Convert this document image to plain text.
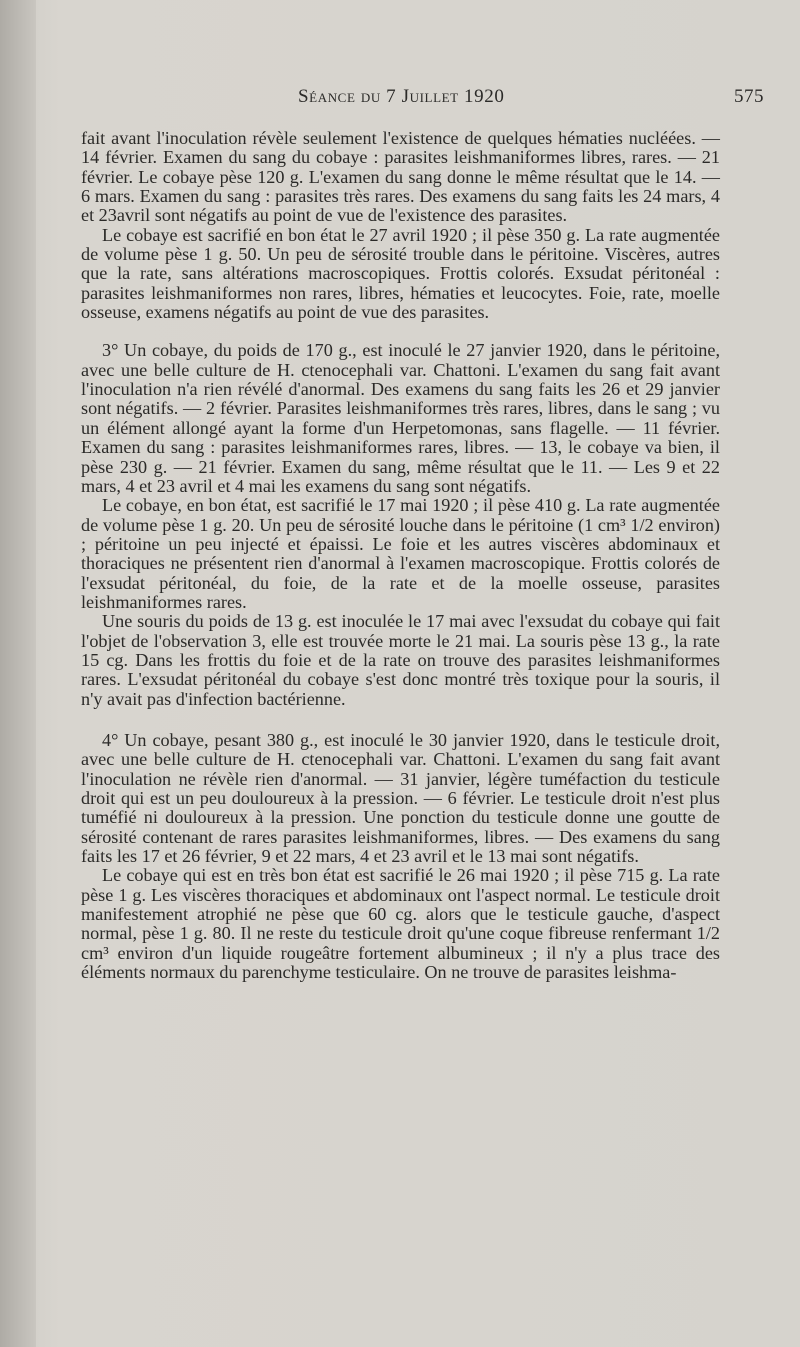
Séance du 7 Juillet 1920	575

fait avant l'inoculation révèle seulement l'existence de quelques hématies nucléées. — 14 février. Examen du sang du cobaye : parasites leishmaniformes libres, rares. — 21 février. Le cobaye pèse 120 g. L'examen du sang donne le même résultat que le 14. — 6 mars. Examen du sang : parasites très rares. Des examens du sang faits les 24 mars, 4 et 23avril sont négatifs au point de vue de l'existence des parasites.

Le cobaye est sacrifié en bon état le 27 avril 1920 ; il pèse 350 g. La rate augmentée de volume pèse 1 g. 50. Un peu de sérosité trouble dans le péritoine. Viscères, autres que la rate, sans altérations macroscopiques. Frottis colorés. Exsudat péritonéal : parasites leishmaniformes non rares, libres, hématies et leucocytes. Foie, rate, moelle osseuse, examens négatifs au point de vue des parasites.

3° Un cobaye, du poids de 170 g., est inoculé le 27 janvier 1920, dans le péritoine, avec une belle culture de H. ctenocephali var. Chattoni. L'examen du sang fait avant l'inoculation n'a rien révélé d'anormal. Des examens du sang faits les 26 et 29 janvier sont négatifs. — 2 février. Parasites leishmaniformes très rares, libres, dans le sang ; vu un élément allongé ayant la forme d'un Herpetomonas, sans flagelle. — 11 février. Examen du sang : parasites leishmaniformes rares, libres. — 13, le cobaye va bien, il pèse 230 g. — 21 février. Examen du sang, même résultat que le 11. — Les 9 et 22 mars, 4 et 23 avril et 4 mai les examens du sang sont négatifs.

Le cobaye, en bon état, est sacrifié le 17 mai 1920 ; il pèse 410 g. La rate augmentée de volume pèse 1 g. 20. Un peu de sérosité louche dans le péritoine (1 cm³ 1/2 environ) ; péritoine un peu injecté et épaissi. Le foie et les autres viscères abdominaux et thoraciques ne présentent rien d'anormal à l'examen macroscopique. Frottis colorés de l'exsudat péritonéal, du foie, de la rate et de la moelle osseuse, parasites leishmaniformes rares.

Une souris du poids de 13 g. est inoculée le 17 mai avec l'exsudat du cobaye qui fait l'objet de l'observation 3, elle est trouvée morte le 21 mai. La souris pèse 13 g., la rate 15 cg. Dans les frottis du foie et de la rate on trouve des parasites leishmaniformes rares. L'exsudat péritonéal du cobaye s'est donc montré très toxique pour la souris, il n'y avait pas d'infection bactérienne.

4° Un cobaye, pesant 380 g., est inoculé le 30 janvier 1920, dans le testicule droit, avec une belle culture de H. ctenocephali var. Chattoni. L'examen du sang fait avant l'inoculation ne révèle rien d'anormal. — 31 janvier, légère tuméfaction du testicule droit qui est un peu douloureux à la pression. — 6 février. Le testicule droit n'est plus tuméfié ni douloureux à la pression. Une ponction du testicule donne une goutte de sérosité contenant de rares parasites leishmaniformes, libres. — Des examens du sang faits les 17 et 26 février, 9 et 22 mars, 4 et 23 avril et le 13 mai sont négatifs.

Le cobaye qui est en très bon état est sacrifié le 26 mai 1920 ; il pèse 715 g. La rate pèse 1 g. Les viscères thoraciques et abdominaux ont l'aspect normal. Le testicule droit manifestement atrophié ne pèse que 60 cg. alors que le testicule gauche, d'aspect normal, pèse 1 g. 80. Il ne reste du testicule droit qu'une coque fibreuse renfermant 1/2 cm³ environ d'un liquide rougeâtre fortement albumineux ; il n'y a plus trace des éléments normaux du parenchyme testiculaire. On ne trouve de parasites leishma-
